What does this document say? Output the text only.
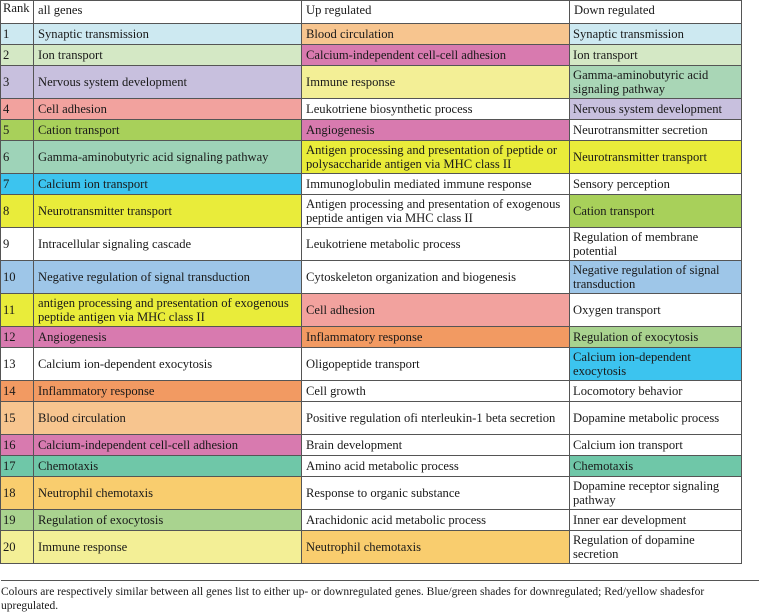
Rank	all genes	Up regulated	Down regulated
1	Synaptic transmission	Blood circulation	Synaptic transmission
2	Ion transport	Calcium-independent cell-cell adhesion	Ion transport
3	Nervous system development	Immune response	Gamma-aminobutyric acid signaling pathway
4	Cell adhesion	Leukotriene biosynthetic process	Nervous system development
5	Cation transport	Angiogenesis	Neurotransmitter secretion
6	Gamma-aminobutyric acid signaling pathway	Antigen processing and presentation of peptide or polysaccharide antigen via MHC class II	Neurotransmitter transport
7	Calcium ion transport	Immunoglobulin mediated immune response	Sensory perception
8	Neurotransmitter transport	Antigen processing and presentation of exogenous peptide antigen via MHC class II	Cation transport
9	Intracellular signaling cascade	Leukotriene metabolic process	Regulation of membrane potential
10	Negative regulation of signal transduction	Cytoskeleton organization and biogenesis	Negative regulation of signal transduction
11	antigen processing and presentation of exogenous peptide antigen via MHC class II	Cell adhesion	Oxygen transport
12	Angiogenesis	Inflammatory response	Regulation of exocytosis
13	Calcium ion-dependent exocytosis	Oligopeptide transport	Calcium ion-dependent exocytosis
14	Inflammatory response	Cell growth	Locomotory behavior
15	Blood circulation	Positive regulation ofi nterleukin-1 beta secretion	Dopamine metabolic process
16	Calcium-independent cell-cell adhesion	Brain development	Calcium ion transport
17	Chemotaxis	Amino acid metabolic process	Chemotaxis
18	Neutrophil chemotaxis	Response to organic substance	Dopamine receptor signaling pathway
19	Regulation of exocytosis	Arachidonic acid metabolic process	Inner ear development
20	Immune response	Neutrophil chemotaxis	Regulation of dopamine secretion
Colours are respectively similar between all genes list to either up- or downregulated genes. Blue/green shades for downregulated; Red/yellow shadesfor upregulated.
